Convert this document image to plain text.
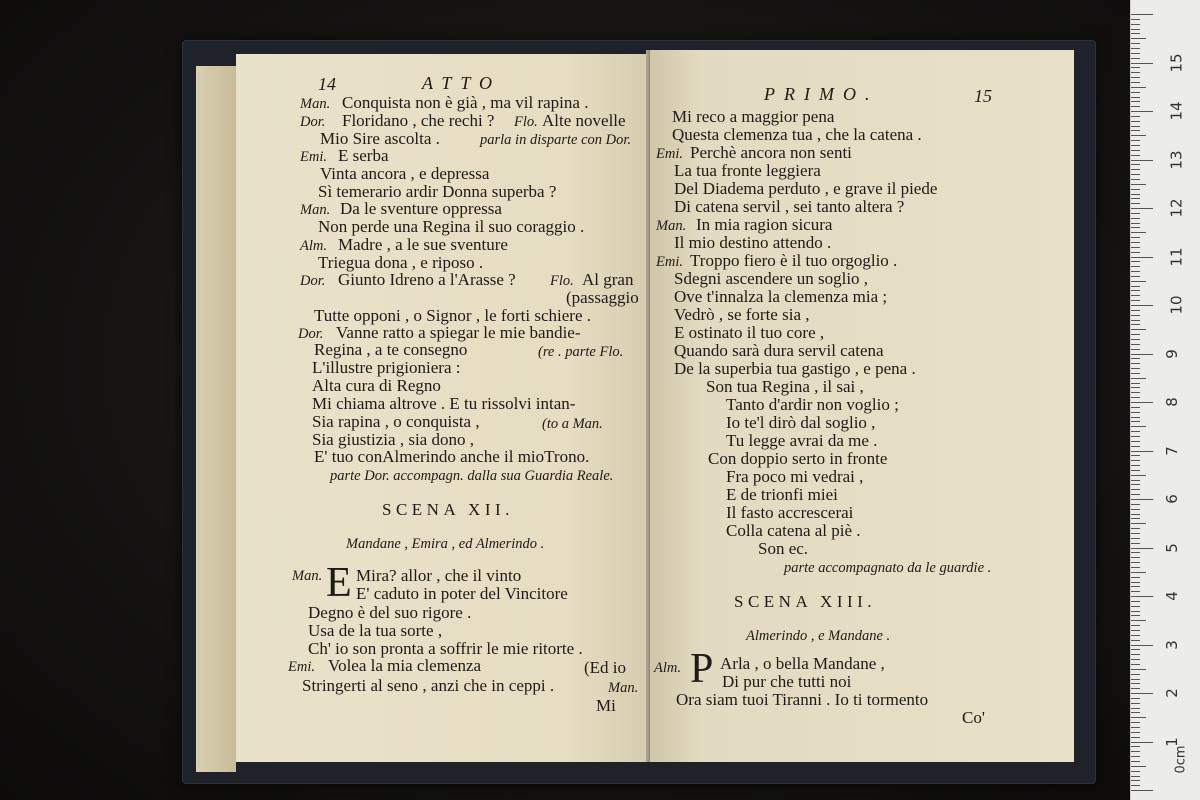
14	ATTO
Man. Conquista non è già , ma vil rapina .
Dor. Floridano , che rechi ? Flo. Alte novelle
Mio Sire ascolta .	parla in disparte con Dor.
Emi. E serba
Vinta ancora , e depressa
Sì temerario ardir Donna superba ?
Man. Da le sventure oppressa
Non perde una Regina il suo coraggio .
Alm. Madre , a le sue sventure
Triegua dona , e riposo .
Dor. Giunto Idreno a l'Arasse ? Flo. Al gran
(passaggio
Tutte opponi , o Signor , le forti schiere .
Dor. Vanne ratto a spiegar le mie bandie-
Regina , a te consegno	(re . parte Flo.
L'illustre prigioniera :
Alta cura di Regno
Mi chiama altrove . E tu rissolvi intan-
Sia rapina , o conquista ,	(to a Man.
Sia giustizia , sia dono ,
E' tuo conAlmerindo anche il mioTrono.
parte Dor. accompagn. dalla sua Guardia Reale.
SCENA XII.
Mandane , Emira , ed Almerindo .
Man. E Mira? allor , che il vinto
E' caduto in poter del Vincitore
Degno è del suo rigore .
Usa de la tua sorte ,
Ch' io son pronta a soffrir le mie ritorte .
Emi. Volea la mia clemenza	(Ed io
Stringerti al seno , anzi che in ceppi .	Man.
Mi
PRIMO.	15
Mi reco a maggior pena
Questa clemenza tua , che la catena .
Emi. Perchè ancora non senti
La tua fronte leggiera
Del Diadema perduto , e grave il piede
Di catena servil , sei tanto altera ?
Man. In mia ragion sicura
Il mio destino attendo .
Emi. Troppo fiero è il tuo orgoglio .
Sdegni ascendere un soglio ,
Ove t'innalza la clemenza mia ;
Vedrò , se forte sia ,
E ostinato il tuo core ,
Quando sarà dura servil catena
De la superbia tua gastigo , e pena .
Son tua Regina , il sai ,
Tanto d'ardir non voglio ;
Io te'l dirò dal soglio ,
Tu legge avrai da me .
Con doppio serto in fronte
Fra poco mi vedrai ,
E de trionfi miei
Il fasto accrescerai
Colla catena al piè .
Son ec.
parte accompagnato da le guardie .
SCENA XIII.
Almerindo , e Mandane .
Alm. P Arla , o bella Mandane ,
Di pur che tutti noi
Ora siam tuoi Tiranni . Io ti tormento
Co'
0cm
1
2
3
4
5
6
7
8
9
10
11
12
13
14
15
